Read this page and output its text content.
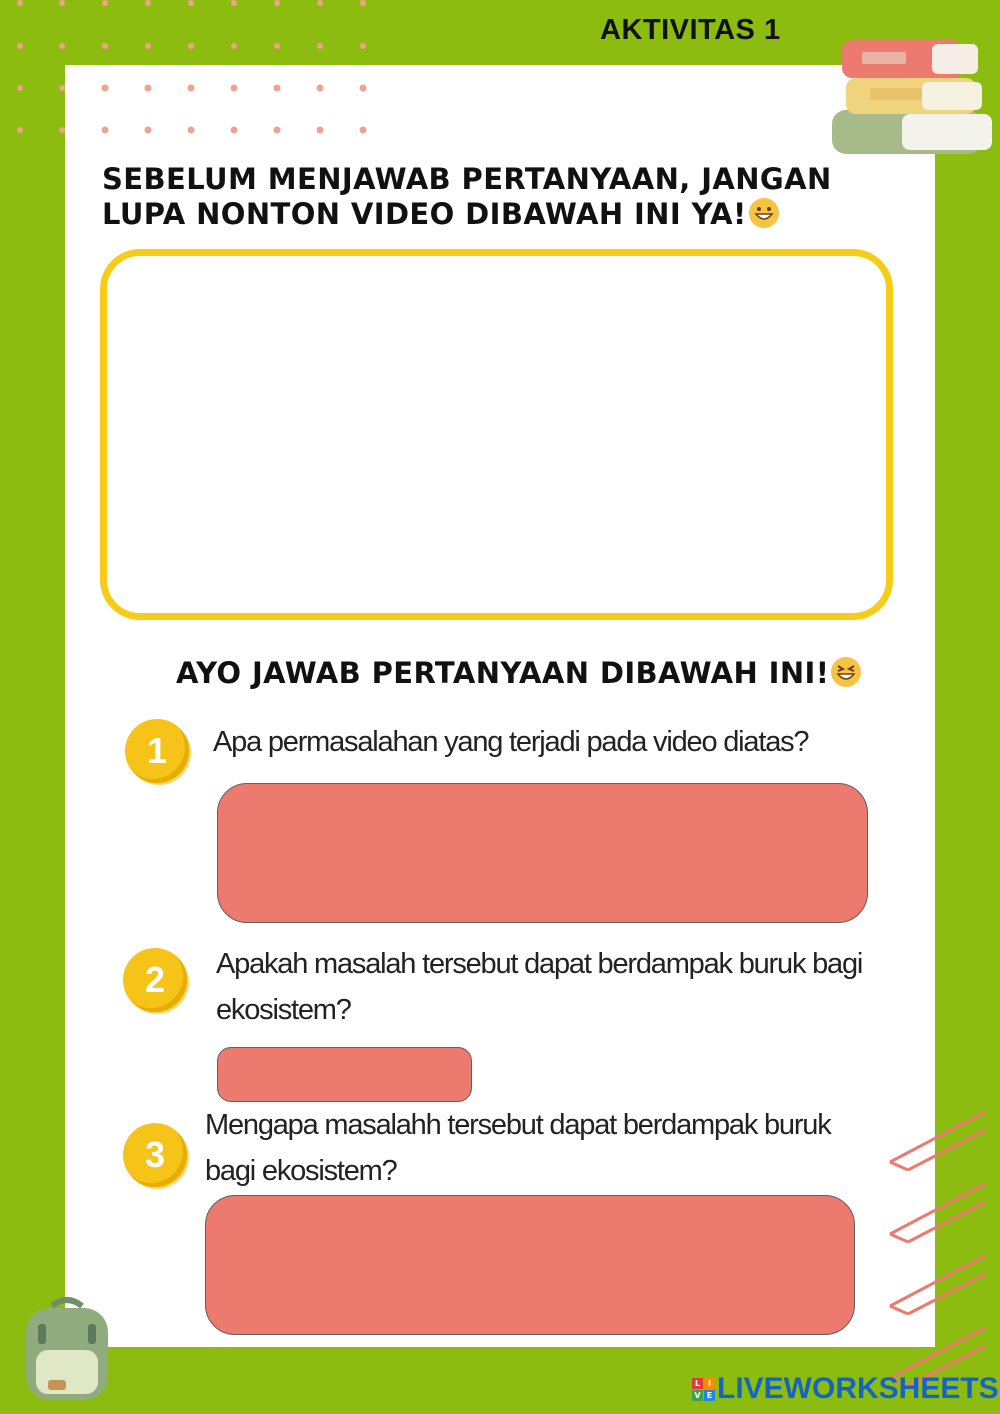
AKTIVITAS 1
SEBELUM MENJAWAB PERTANYAAN, JANGAN LUPA NONTON VIDEO DIBAWAH INI YA!
AYO JAWAB PERTANYAAN DIBAWAH INI!
1	Apa permasalahan yang terjadi pada video diatas?

2	Apakah masalah tersebut dapat berdampak buruk bagi ekosistem?

3

Mengapa masalahh tersebut dapat berdampak buruk bagi ekosistem?

L I
V E LIVEWORKSHEETS
